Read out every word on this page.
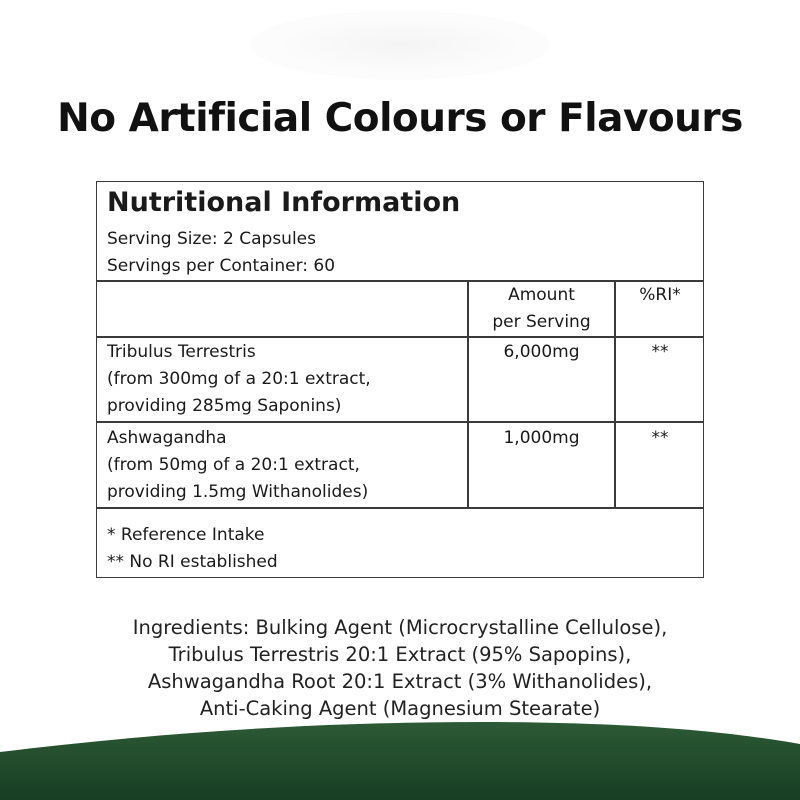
No Artificial Colours or Flavours
Nutritional Information
Serving Size: 2 Capsules
Servings per Container: 60
Amount
per Serving
%RI*
Tribulus Terrestris
(from 300mg of a 20:1 extract,
providing 285mg Saponins)
6,000mg	**
Ashwagandha
(from 50mg of a 20:1 extract,
providing 1.5mg Withanolides)
1,000mg	**
* Reference Intake
** No RI established
Ingredients: Bulking Agent (Microcrystalline Cellulose),
Tribulus Terrestris 20:1 Extract (95% Sapopins),
Ashwagandha Root 20:1 Extract (3% Withanolides),
Anti-Caking Agent (Magnesium Stearate)
